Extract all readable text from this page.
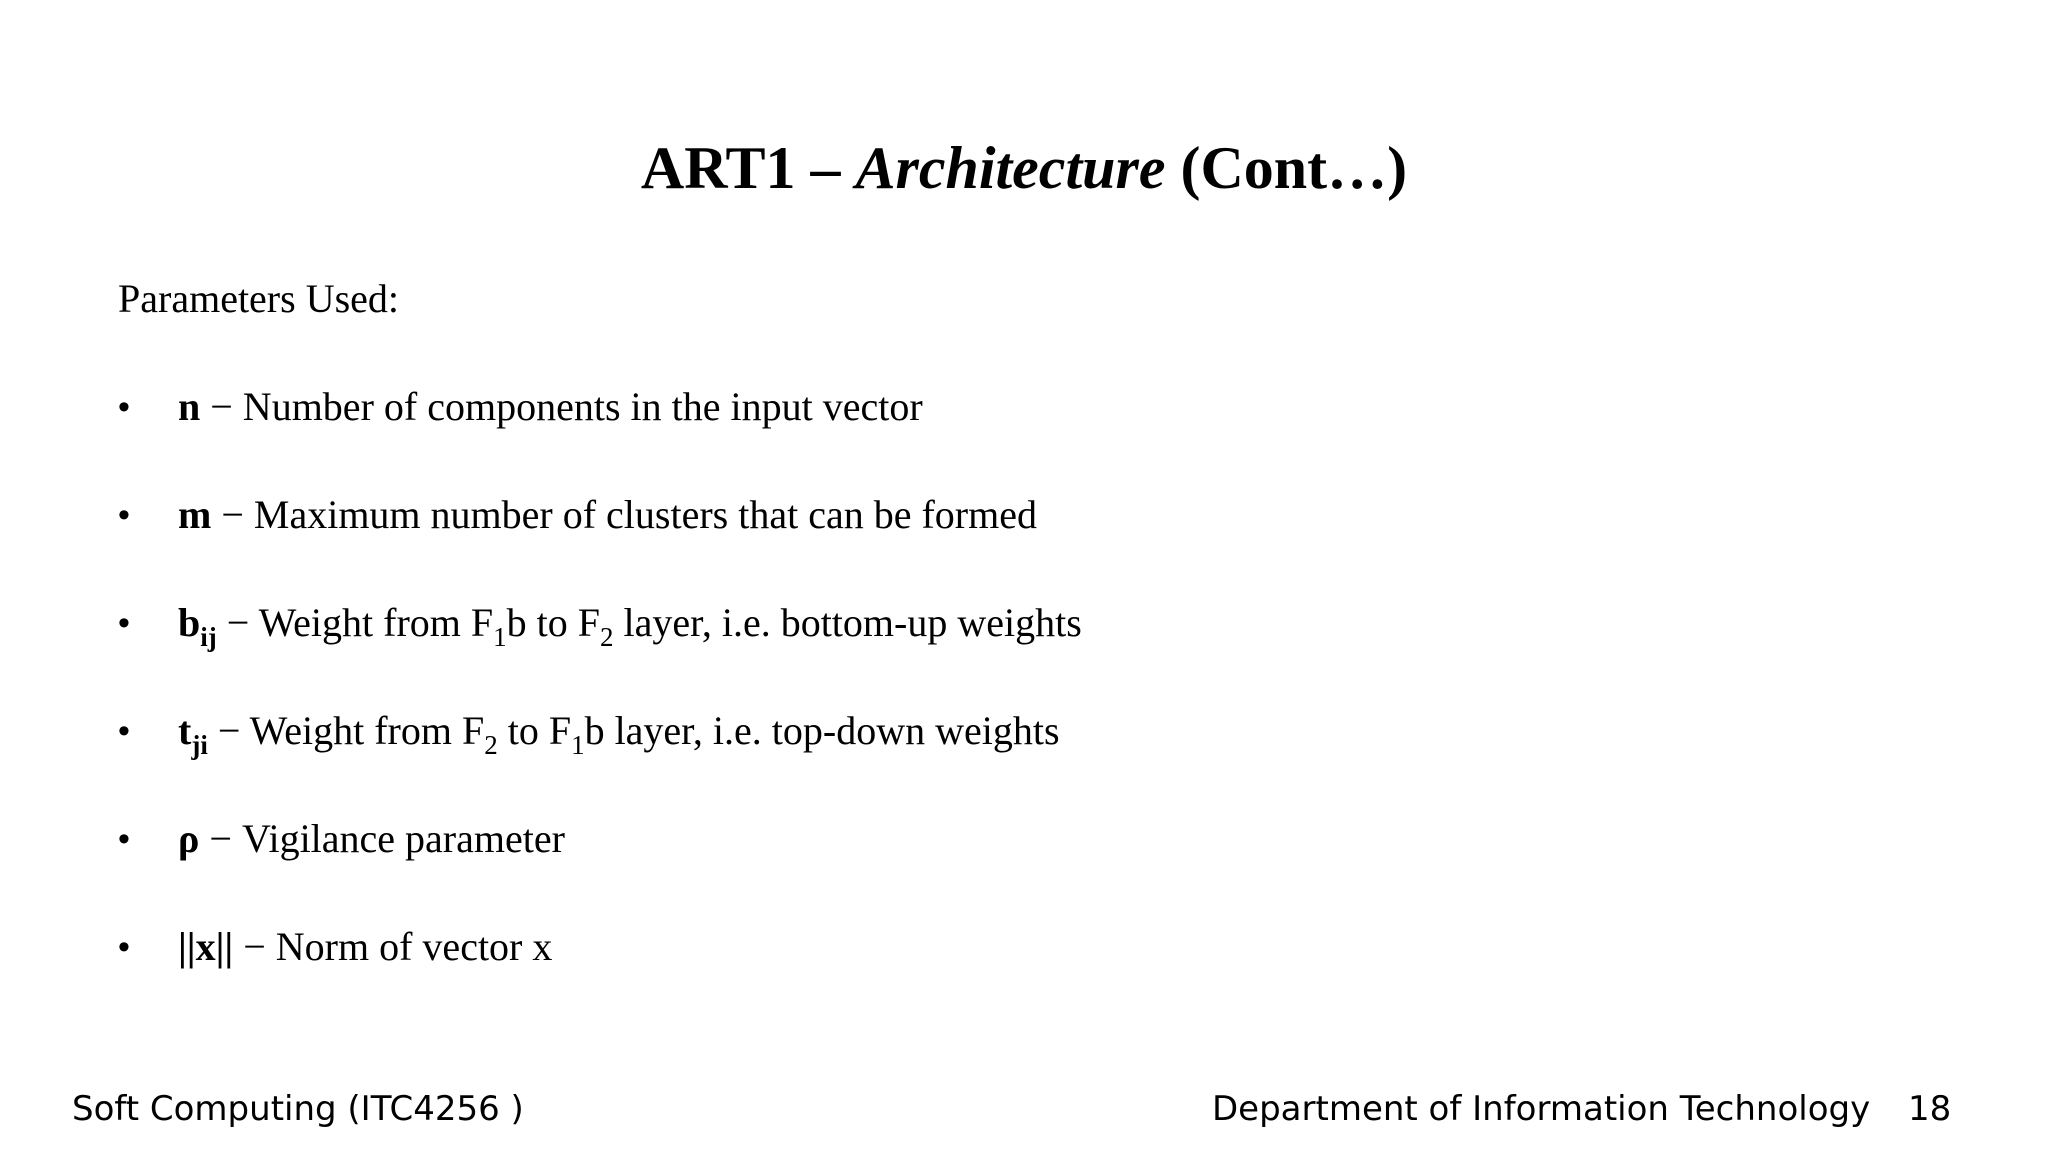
ART1 – Architecture (Cont…)
Parameters Used:
•	n − Number of components in the input vector
•	m − Maximum number of clusters that can be formed
•	$b_{ij}$ − Weight from $F_1b$ to $F_2$ layer, i.e. bottom-up weights
•	$t_{ji}$ − Weight from $F_2$ to $F_1b$ layer, i.e. top-down weights
•	ρ − Vigilance parameter
•	||x|| − Norm of vector x
Soft Computing (ITC4256 )	Department of Information Technology 18
